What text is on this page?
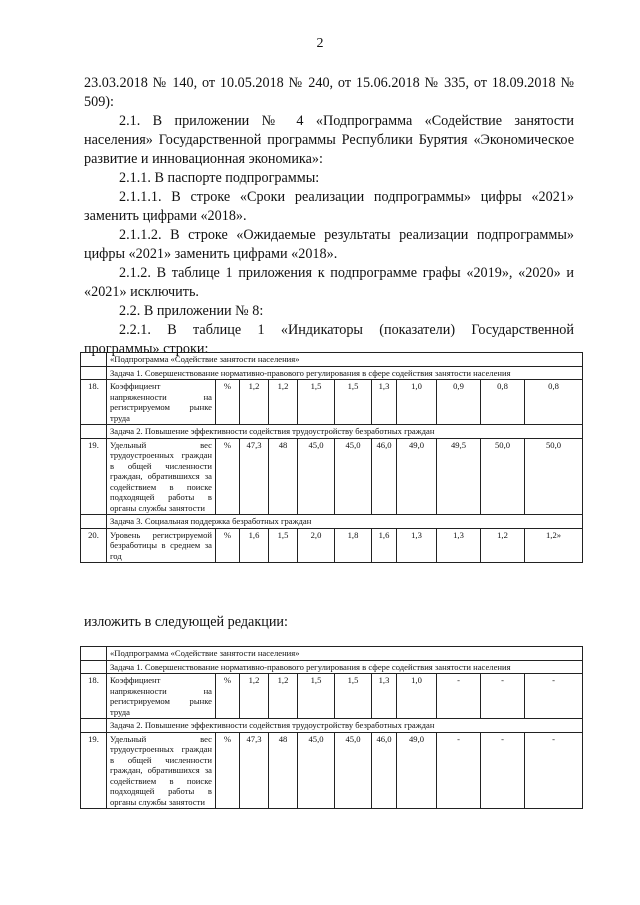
2
23.03.2018 № 140, от 10.05.2018 № 240, от 15.06.2018 № 335, от 18.09.2018 № 509):
2.1. В приложении № 4 «Подпрограмма «Содействие занятости населения» Государственной программы Республики Бурятия «Экономическое развитие и инновационная экономика»:
2.1.1. В паспорте подпрограммы:
2.1.1.1. В строке «Сроки реализации подпрограммы» цифры «2021» заменить цифрами «2018».
2.1.1.2. В строке «Ожидаемые результаты реализации подпрограммы» цифры «2021» заменить цифрами «2018».
2.1.2. В таблице 1 приложения к подпрограмме графы «2019», «2020» и «2021» исключить.
2.2. В приложении № 8:
2.2.1. В таблице 1 «Индикаторы (показатели) Государственной программы» строки:
	«Подпрограмма «Содействие занятости населения»										
	Задача 1. Совершенствование нормативно-правового регулирования в сфере содействия занятости населения										
18.	Коэффициент напряженности на регистрируемом рынке труда	%	1,2	1,2	1,5	1,5	1,3	1,0	0,9	0,8	0,8
	Задача 2. Повышение эффективности содействия трудоустройству безработных граждан										
19.	Удельный вес трудоустроенных граждан в общей численности граждан, обратившихся за содействием в поиске подходящей работы в органы службы занятости	%	47,3	48	45,0	45,0	46,0	49,0	49,5	50,0	50,0
	Задача 3. Социальная поддержка безработных граждан										
20.	Уровень регистрируемой безработицы в среднем за год	%	1,6	1,5	2,0	1,8	1,6	1,3	1,3	1,2	1,2»
изложить в следующей редакции:
	«Подпрограмма «Содействие занятости населения»										
	Задача 1. Совершенствование нормативно-правового регулирования в сфере содействия занятости населения										
18.	Коэффициент напряженности на регистрируемом рынке труда	%	1,2	1,2	1,5	1,5	1,3	1,0	-	-	-
	Задача 2. Повышение эффективности содействия трудоустройству безработных граждан										
19.	Удельный вес трудоустроенных граждан в общей численности граждан, обратившихся за содействием в поиске подходящей работы в органы службы занятости	%	47,3	48	45,0	45,0	46,0	49,0	-	-	-
